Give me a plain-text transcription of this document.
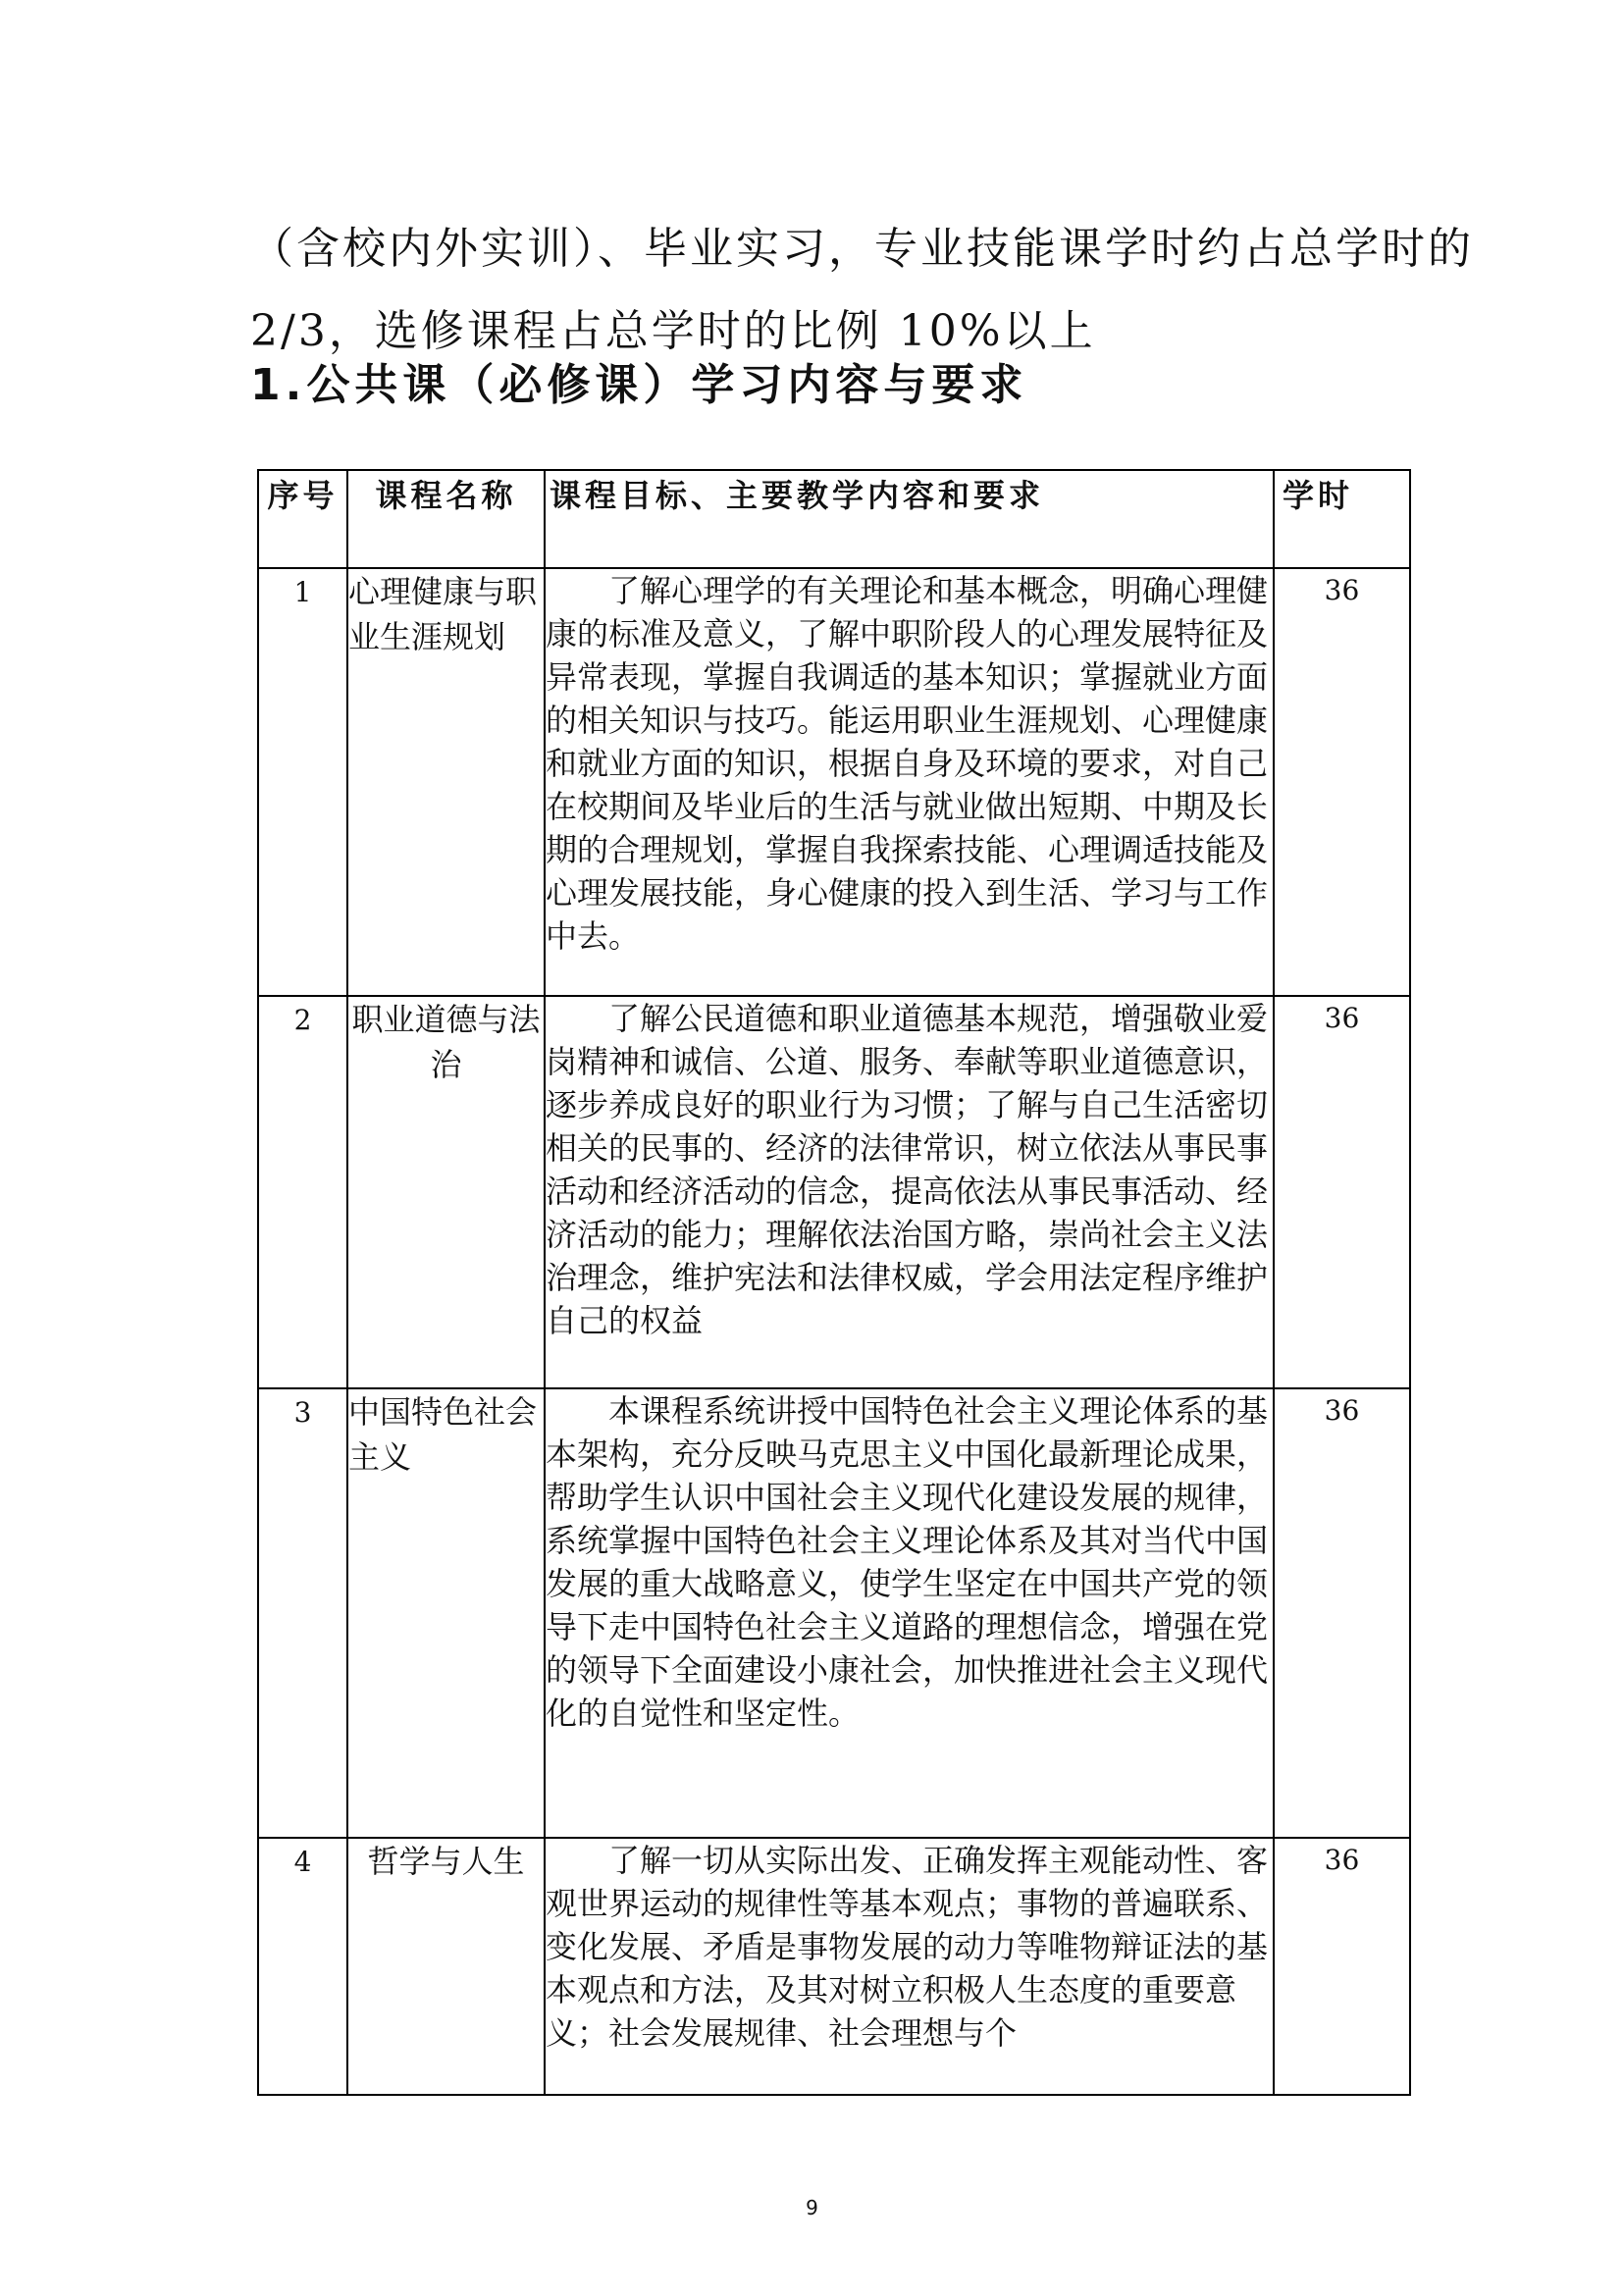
（含校内外实训）、毕业实习，专业技能课学时约占总学时的

2/3，选修课程占总学时的比例 10%以上

1.公共课（必修课）学习内容与要求
序号	课程名称	课程目标、主要教学内容和要求	学时
1	心理健康与职业生涯规划	了解心理学的有关理论和基本概念，明确心理健康的标准及意义，了解中职阶段人的心理发展特征及异常表现，掌握自我调适的基本知识；掌握就业方面的相关知识与技巧。能运用职业生涯规划、心理健康和就业方面的知识，根据自身及环境的要求，对自己在校期间及毕业后的生活与就业做出短期、中期及长期的合理规划，掌握自我探索技能、心理调适技能及心理发展技能，身心健康的投入到生活、学习与工作中去。	36
2	职业道德与法治	了解公民道德和职业道德基本规范，增强敬业爱岗精神和诚信、公道、服务、奉献等职业道德意识，逐步养成良好的职业行为习惯；了解与自己生活密切相关的民事的、经济的法律常识，树立依法从事民事活动和经济活动的信念，提高依法从事民事活动、经济活动的能力；理解依法治国方略，崇尚社会主义法治理念，维护宪法和法律权威，学会用法定程序维护自己的权益	36
3	中国特色社会主义	本课程系统讲授中国特色社会主义理论体系的基本架构，充分反映马克思主义中国化最新理论成果，帮助学生认识中国社会主义现代化建设发展的规律，系统掌握中国特色社会主义理论体系及其对当代中国发展的重大战略意义，使学生坚定在中国共产党的领导下走中国特色社会主义道路的理想信念，增强在党的领导下全面建设小康社会，加快推进社会主义现代化的自觉性和坚定性。	36
4	哲学与人生	了解一切从实际出发、正确发挥主观能动性、客观世界运动的规律性等基本观点；事物的普遍联系、变化发展、矛盾是事物发展的动力等唯物辩证法的基本观点和方法，及其对树立积极人生态度的重要意义；社会发展规律、社会理想与个	36
9
